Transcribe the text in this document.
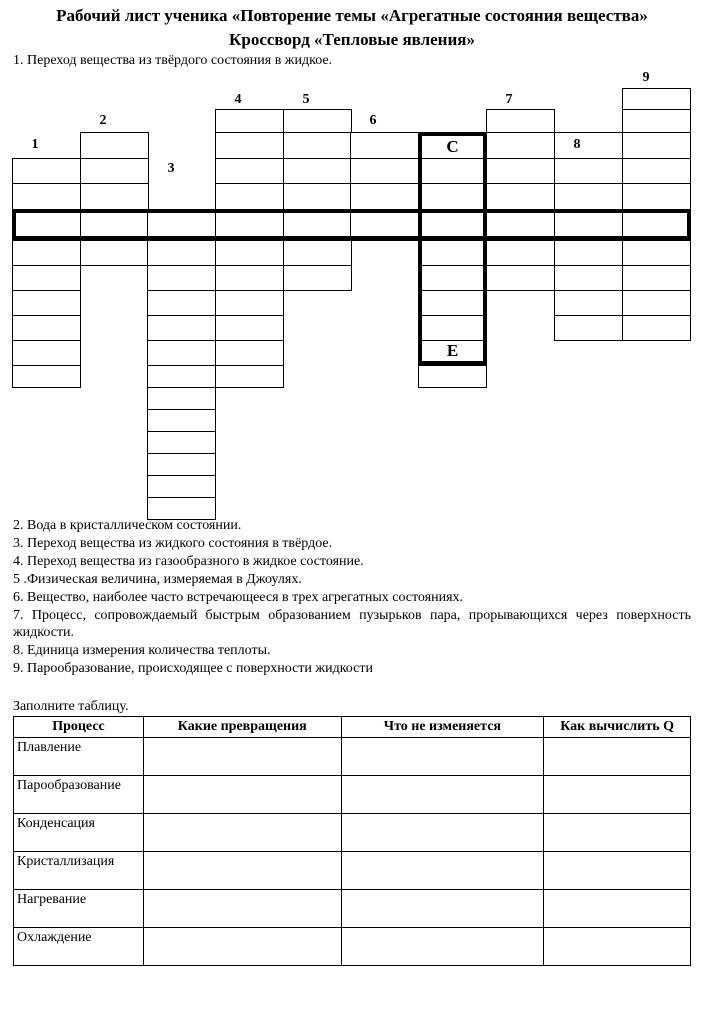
Рабочий лист ученика «Повторение темы «Агрегатные состояния вещества»
Кроссворд «Тепловые явления»
1. Переход вещества из твёрдого состояния в жидкое.
С
Е
1
2
3
4	5
6
7
8
9
2. Вода в кристаллическом состоянии.
3. Переход вещества из жидкого состояния в твёрдое.
4. Переход вещества из газообразного в жидкое состояние.
5 .Физическая величина, измеряемая в Джоулях.
6. Вещество, наиболее часто встречающееся в трех агрегатных состояниях.
7. Процесс, сопровождаемый быстрым образованием пузырьков пара, прорывающихся через поверхность жидкости.
8. Единица измерения количества теплоты.
9. Парообразование, происходящее с поверхности жидкости
Заполните таблицу.
Процесс	Какие превращения	Что не изменяется	Как вычислить Q
Плавление			
Парообразование			
Конденсация			
Кристаллизация			
Нагревание			
Охлаждение			
